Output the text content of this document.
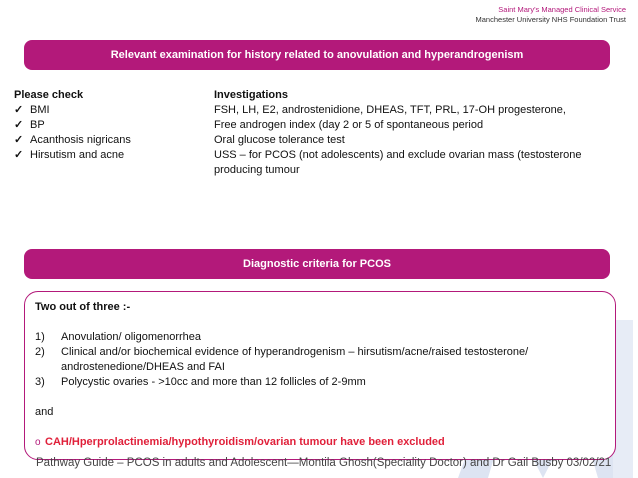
Saint Mary's Managed Clinical Service
Manchester University NHS Foundation Trust
Relevant examination for history related to anovulation and hyperandrogenism
Please check
✓ BMI
✓ BP
✓ Acanthosis nigricans
✓ Hirsutism and acne
Investigations
FSH, LH, E2, androstenidione, DHEAS, TFT, PRL, 17-OH progesterone,
Free androgen index (day 2 or 5 of spontaneous period
Oral glucose tolerance test
USS – for PCOS (not adolescents) and exclude ovarian mass (testosterone
producing tumour
Diagnostic criteria for PCOS
Two out of three :-
1)	Anovulation/ oligomenorrhea
2)	Clinical and/or biochemical evidence of hyperandrogenism – hirsutism/acne/raised testosterone/
androstenedione/DHEAS and FAI
3)	Polycystic ovaries - >10cc and more than 12 follicles of 2-9mm
and
o CAH/Hperprolactinemia/hypothyroidism/ovarian tumour have been excluded
Pathway Guide – PCOS in adults and Adolescent—Montila Ghosh(Speciality Doctor) and Dr Gail Busby 03/02/21
